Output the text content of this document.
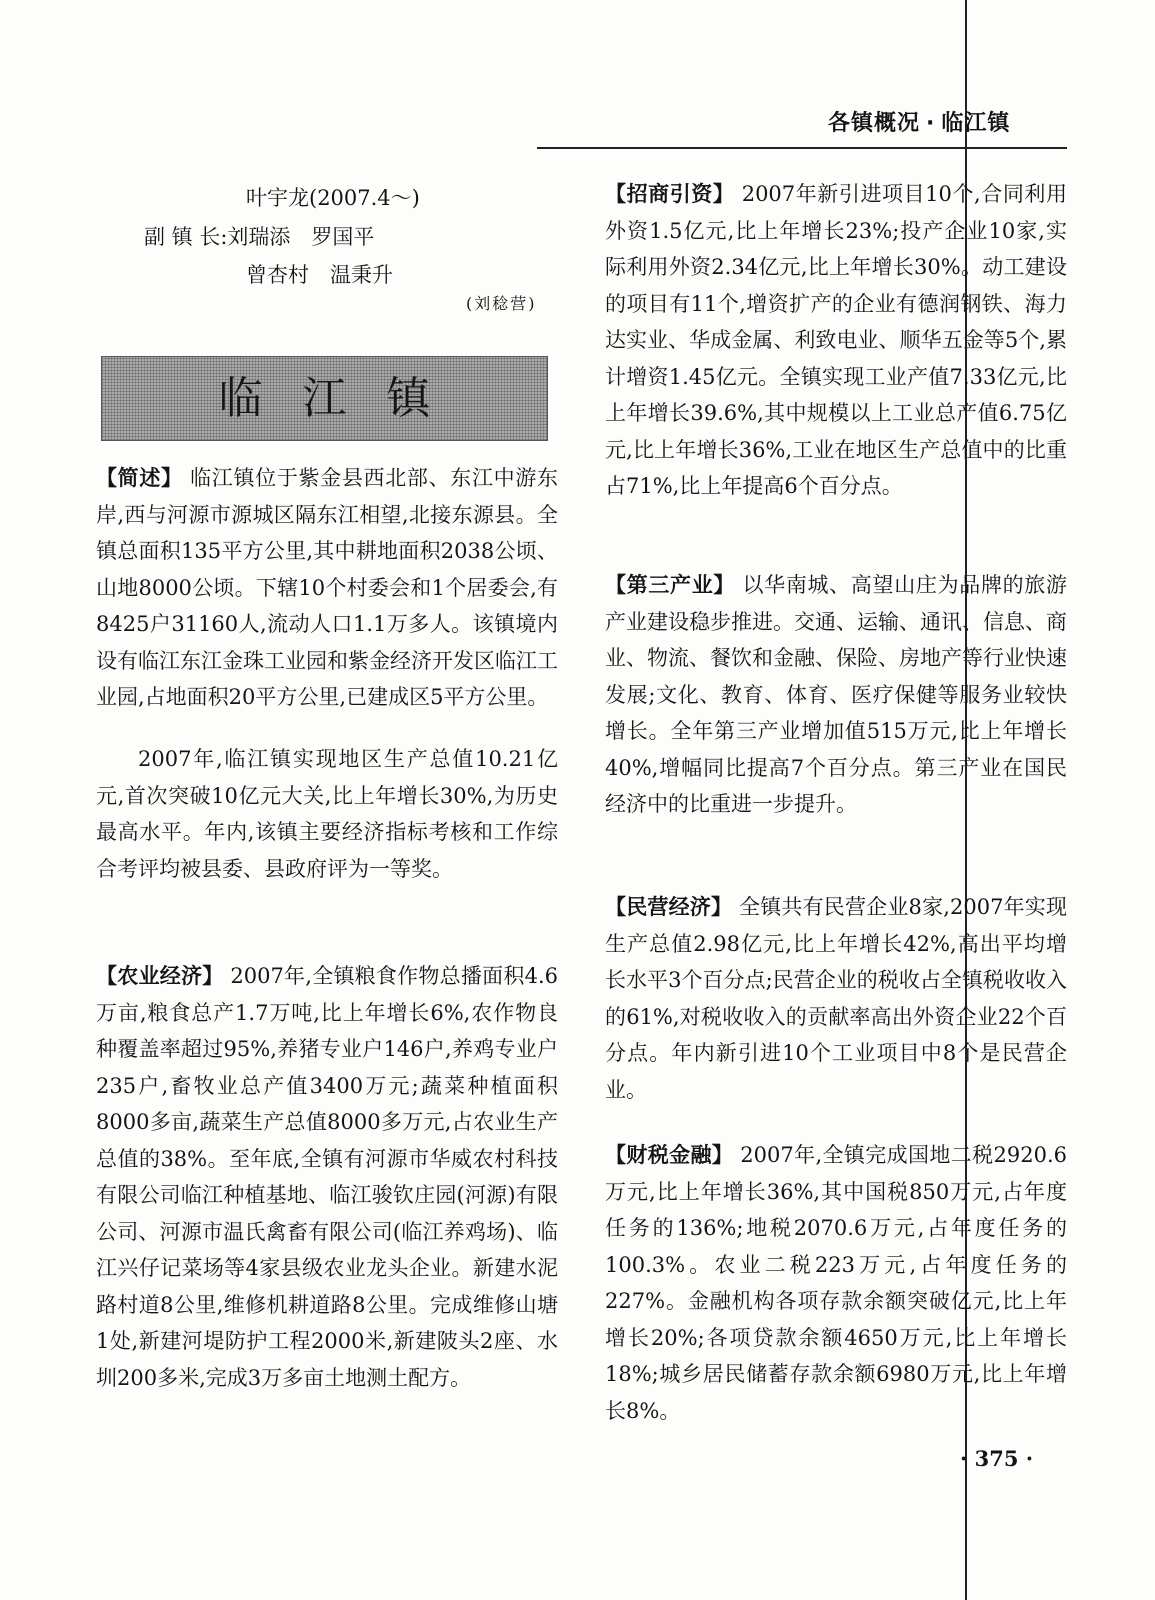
各镇概况 · 临江镇
叶宇龙(2007.4～)
副 镇 长:刘瑞添　罗国平
曾杏村　温秉升
(刘稔营)
临江镇

【简述】 临江镇位于紫金县西北部、东江中游东岸,西与河源市源城区隔东江相望,北接东源县。全镇总面积135平方公里,其中耕地面积2038公顷、山地8000公顷。下辖10个村委会和1个居委会,有8425户31160人,流动人口1.1万多人。该镇境内设有临江东江金珠工业园和紫金经济开发区临江工业园,占地面积20平方公里,已建成区5平方公里。

2007年,临江镇实现地区生产总值10.21亿元,首次突破10亿元大关,比上年增长30%,为历史最高水平。年内,该镇主要经济指标考核和工作综合考评均被县委、县政府评为一等奖。

【农业经济】 2007年,全镇粮食作物总播面积4.6万亩,粮食总产1.7万吨,比上年增长6%,农作物良种覆盖率超过95%,养猪专业户146户,养鸡专业户235户,畜牧业总产值3400万元;蔬菜种植面积8000多亩,蔬菜生产总值8000多万元,占农业生产总值的38%。至年底,全镇有河源市华威农村科技有限公司临江种植基地、临江骏钦庄园(河源)有限公司、河源市温氏禽畜有限公司(临江养鸡场)、临江兴仔记菜场等4家县级农业龙头企业。新建水泥路村道8公里,维修机耕道路8公里。完成维修山塘1处,新建河堤防护工程2000米,新建陂头2座、水圳200多米,完成3万多亩土地测土配方。

【招商引资】 2007年新引进项目10个,合同利用外资1.5亿元,比上年增长23%;投产企业10家,实际利用外资2.34亿元,比上年增长30%。动工建设的项目有11个,增资扩产的企业有德润钢铁、海力达实业、华成金属、利致电业、顺华五金等5个,累计增资1.45亿元。全镇实现工业产值7.33亿元,比上年增长39.6%,其中规模以上工业总产值6.75亿元,比上年增长36%,工业在地区生产总值中的比重占71%,比上年提高6个百分点。

【第三产业】 以华南城、高望山庄为品牌的旅游产业建设稳步推进。交通、运输、通讯、信息、商业、物流、餐饮和金融、保险、房地产等行业快速发展;文化、教育、体育、医疗保健等服务业较快增长。全年第三产业增加值515万元,比上年增长40%,增幅同比提高7个百分点。第三产业在国民经济中的比重进一步提升。

【民营经济】 全镇共有民营企业8家,2007年实现生产总值2.98亿元,比上年增长42%,高出平均增长水平3个百分点;民营企业的税收占全镇税收收入的61%,对税收收入的贡献率高出外资企业22个百分点。年内新引进10个工业项目中8个是民营企业。

【财税金融】 2007年,全镇完成国地二税2920.6万元,比上年增长36%,其中国税850万元,占年度任务的136%;地税2070.6万元,占年度任务的100.3%。农业二税223万元,占年度任务的227%。金融机构各项存款余额突破亿元,比上年增长20%;各项贷款余额4650万元,比上年增长18%;城乡居民储蓄存款余额6980万元,比上年增长8%。

· 375 ·
